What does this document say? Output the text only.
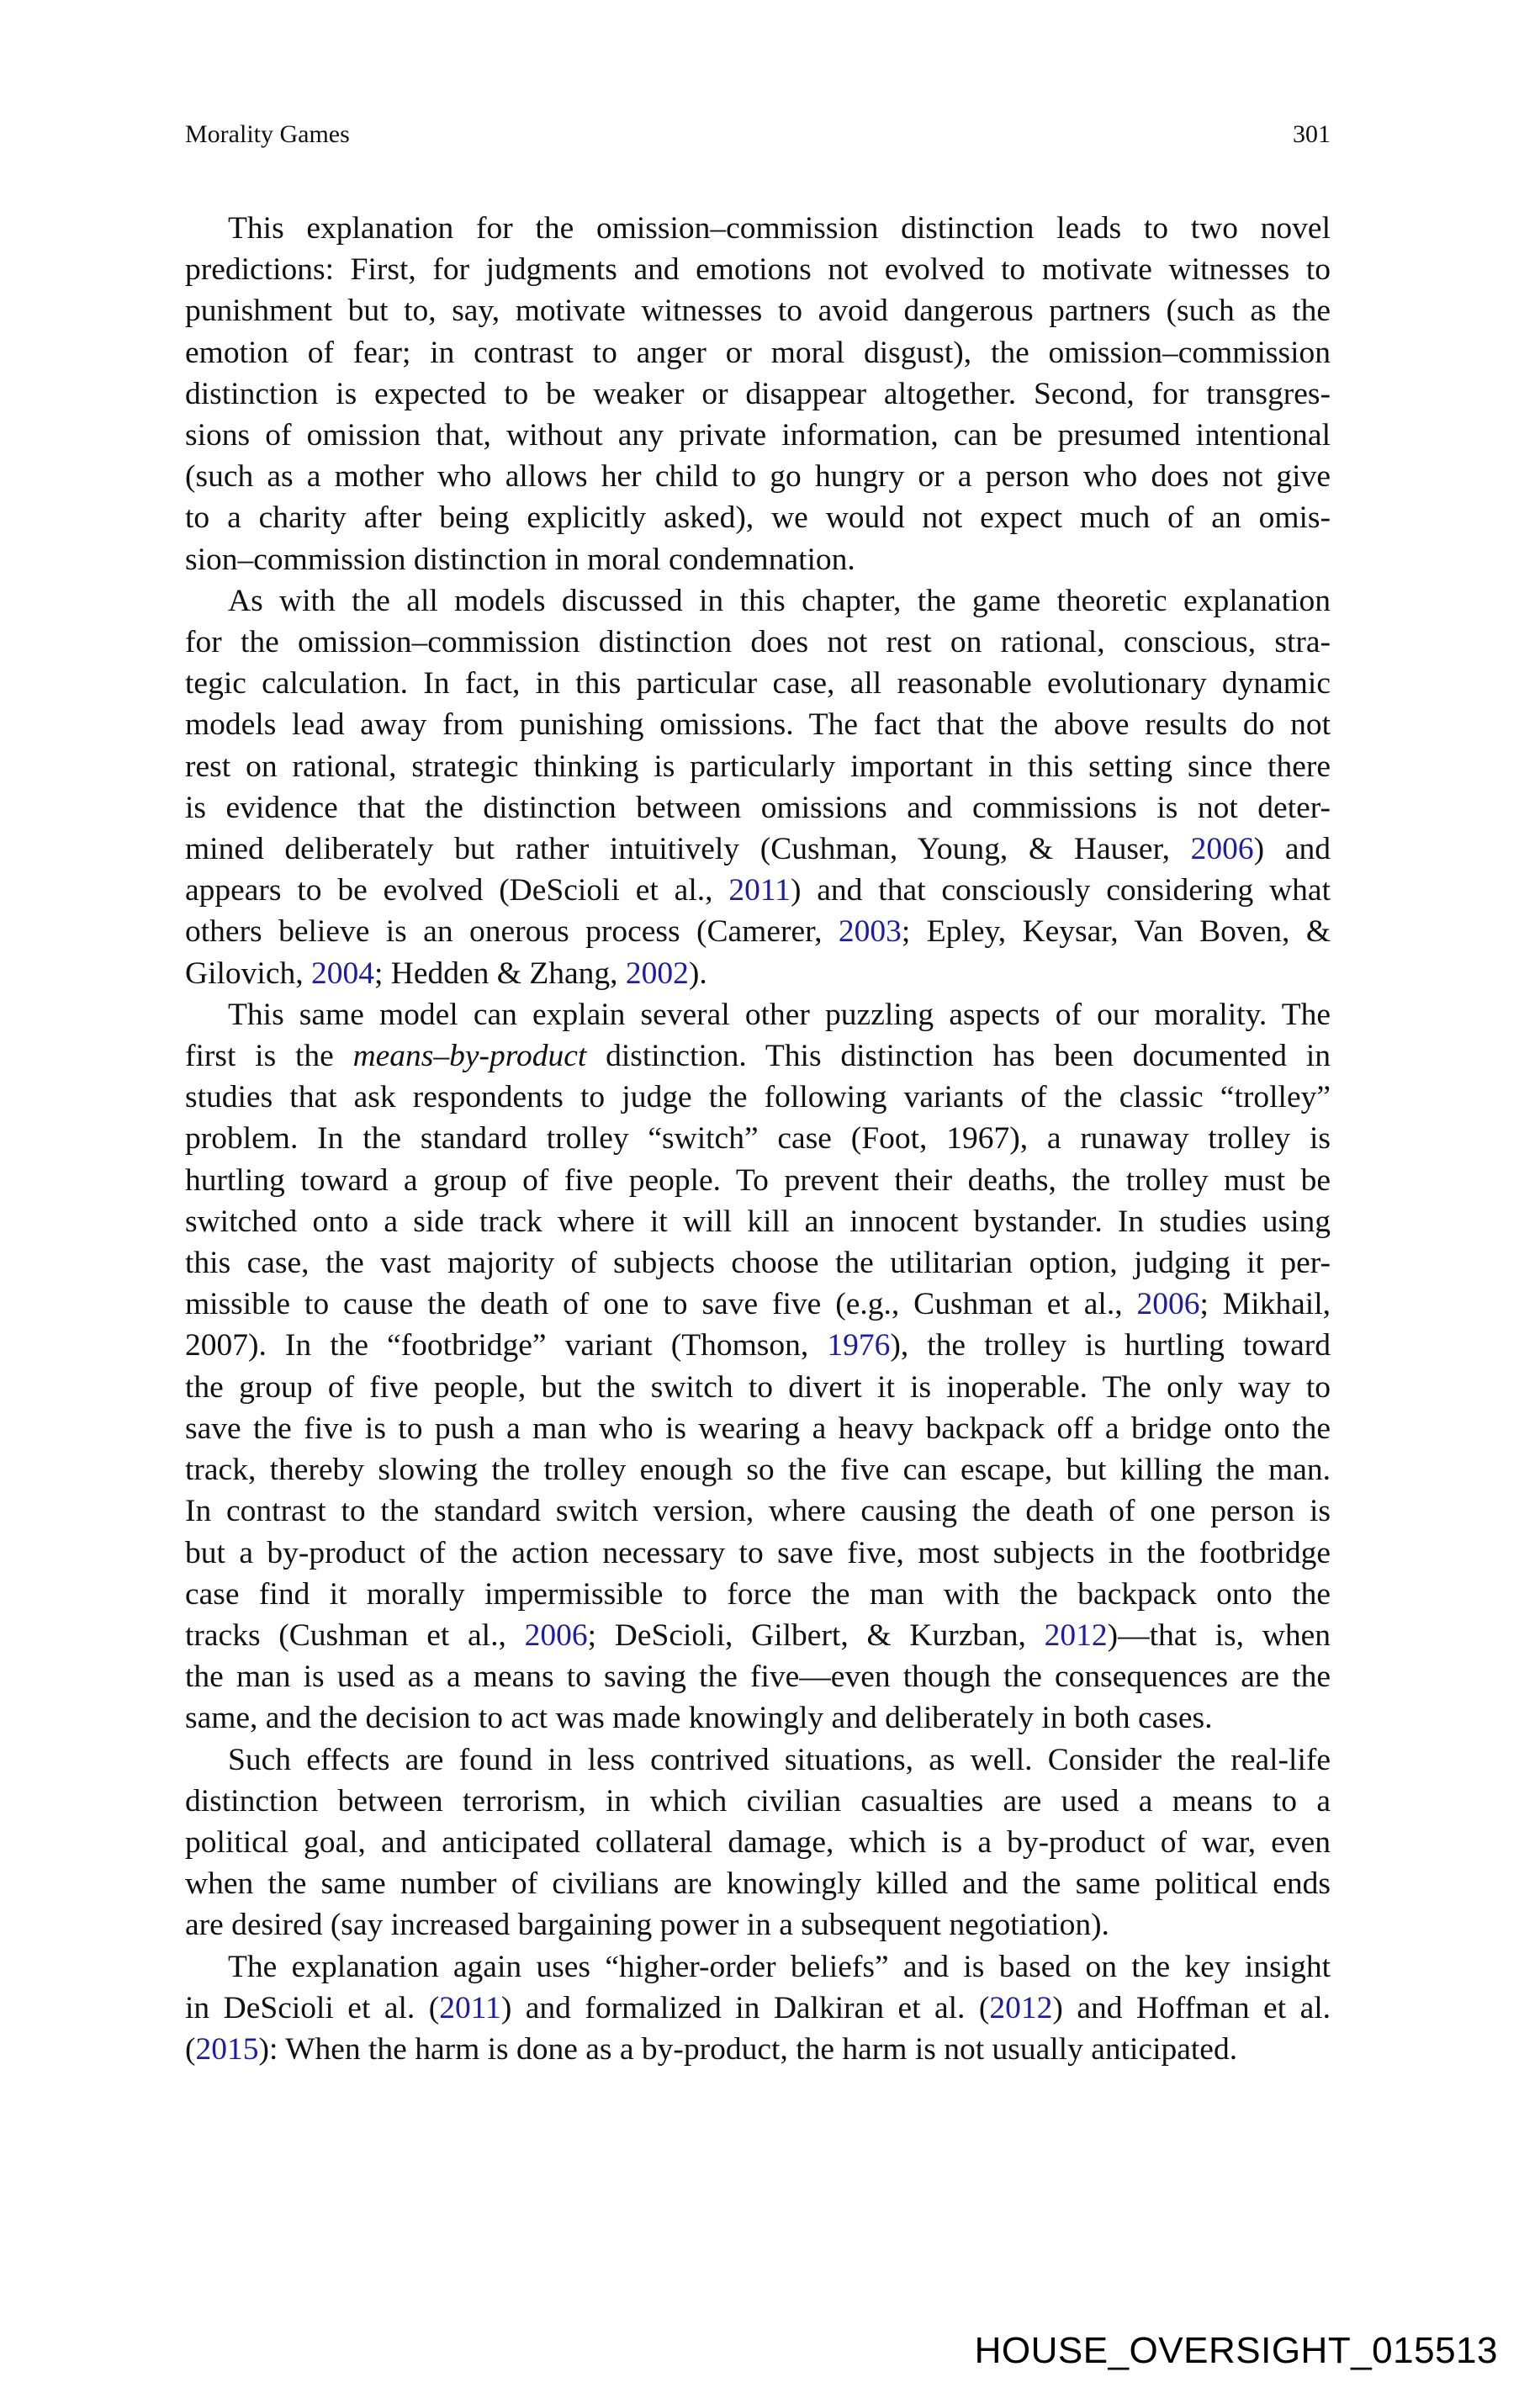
Morality Games	301
This explanation for the omission–commission distinction leads to two novel
predictions: First, for judgments and emotions not evolved to motivate witnesses to
punishment but to, say, motivate witnesses to avoid dangerous partners (such as the
emotion of fear; in contrast to anger or moral disgust), the omission–commission
distinction is expected to be weaker or disappear altogether. Second, for transgres-
sions of omission that, without any private information, can be presumed intentional
(such as a mother who allows her child to go hungry or a person who does not give
to a charity after being explicitly asked), we would not expect much of an omis-
sion–commission distinction in moral condemnation.
As with the all models discussed in this chapter, the game theoretic explanation
for the omission–commission distinction does not rest on rational, conscious, stra-
tegic calculation. In fact, in this particular case, all reasonable evolutionary dynamic
models lead away from punishing omissions. The fact that the above results do not
rest on rational, strategic thinking is particularly important in this setting since there
is evidence that the distinction between omissions and commissions is not deter-
mined deliberately but rather intuitively (Cushman, Young, & Hauser, 2006) and
appears to be evolved (DeScioli et al., 2011) and that consciously considering what
others believe is an onerous process (Camerer, 2003; Epley, Keysar, Van Boven, &
Gilovich, 2004; Hedden & Zhang, 2002).
This same model can explain several other puzzling aspects of our morality. The
first is the means–by-product distinction. This distinction has been documented in
studies that ask respondents to judge the following variants of the classic “trolley”
problem. In the standard trolley “switch” case (Foot, 1967), a runaway trolley is
hurtling toward a group of five people. To prevent their deaths, the trolley must be
switched onto a side track where it will kill an innocent bystander. In studies using
this case, the vast majority of subjects choose the utilitarian option, judging it per-
missible to cause the death of one to save five (e.g., Cushman et al., 2006; Mikhail,
2007). In the “footbridge” variant (Thomson, 1976), the trolley is hurtling toward
the group of five people, but the switch to divert it is inoperable. The only way to
save the five is to push a man who is wearing a heavy backpack off a bridge onto the
track, thereby slowing the trolley enough so the five can escape, but killing the man.
In contrast to the standard switch version, where causing the death of one person is
but a by-product of the action necessary to save five, most subjects in the footbridge
case find it morally impermissible to force the man with the backpack onto the
tracks (Cushman et al., 2006; DeScioli, Gilbert, & Kurzban, 2012)—that is, when
the man is used as a means to saving the five—even though the consequences are the
same, and the decision to act was made knowingly and deliberately in both cases.
Such effects are found in less contrived situations, as well. Consider the real-life
distinction between terrorism, in which civilian casualties are used a means to a
political goal, and anticipated collateral damage, which is a by-product of war, even
when the same number of civilians are knowingly killed and the same political ends
are desired (say increased bargaining power in a subsequent negotiation).
The explanation again uses “higher-order beliefs” and is based on the key insight
in DeScioli et al. (2011) and formalized in Dalkiran et al. (2012) and Hoffman et al.
(2015): When the harm is done as a by-product, the harm is not usually anticipated.
HOUSE_OVERSIGHT_015513
